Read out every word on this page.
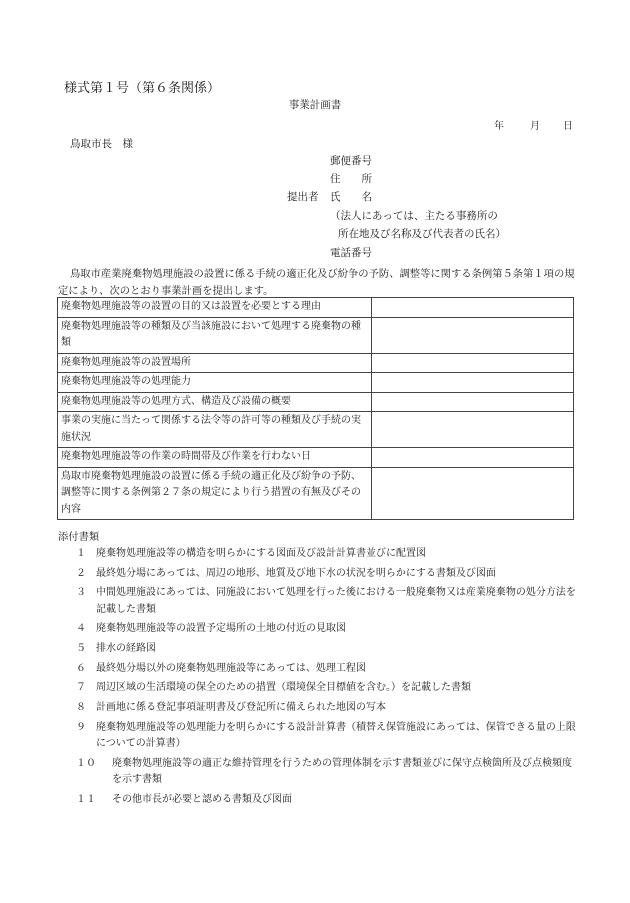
様式第１号（第６条関係）
事業計画書
年	月 日
鳥取市長　様
郵便番号
住　　所
提出者 氏　　名
（法人にあっては、主たる事務所の
所在地及び名称及び代表者の氏名）
電話番号
鳥取市産業廃棄物処理施設の設置に係る手続の適正化及び紛争の予防、調整等に関する条例第５条第１項の規定により、次のとおり事業計画を提出します。
廃棄物処理施設等の設置の目的又は設置を必要とする理由	
廃棄物処理施設等の種類及び当該施設において処理する廃棄物の種類	
廃棄物処理施設等の設置場所	
廃棄物処理施設等の処理能力	
廃棄物処理施設等の処理方式、構造及び設備の概要	
事業の実施に当たって関係する法令等の許可等の種類及び手続の実施状況	
廃棄物処理施設等の作業の時間帯及び作業を行わない日	
鳥取市廃棄物処理施設の設置に係る手続の適正化及び紛争の予防、調整等に関する条例第２７条の規定により行う措置の有無及びその内容	
添付書類
１	廃棄物処理施設等の構造を明らかにする図面及び設計計算書並びに配置図
２	最終処分場にあっては、周辺の地形、地質及び地下水の状況を明らかにする書類及び図面
３	中間処理施設にあっては、同施設において処理を行った後における一般廃棄物又は産業廃棄物の処分方法を記載した書類
４	廃棄物処理施設等の設置予定場所の土地の付近の見取図
５	排水の経路図
６	最終処分場以外の廃棄物処理施設等にあっては、処理工程図
７	周辺区域の生活環境の保全のための措置（環境保全目標値を含む。）を記載した書類
８	計画地に係る登記事項証明書及び登記所に備えられた地図の写本
９	廃棄物処理施設等の処理能力を明らかにする設計計算書（積替え保管施設にあっては、保管できる量の上限についての計算書）
１０	廃棄物処理施設等の適正な維持管理を行うための管理体制を示す書類並びに保守点検箇所及び点検頻度を示す書類
１１	その他市長が必要と認める書類及び図面
